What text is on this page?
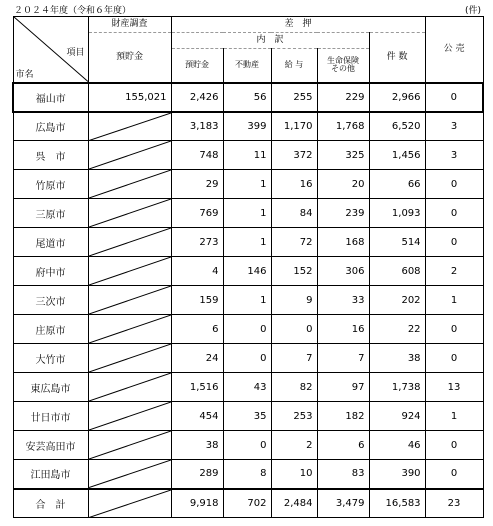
２０２４年度（令和６年度）	(件)
項目
市名	財産調査	差　押					公 売
	預貯金	内　訳				件 数	
		預貯金	不動産	給 与	生命保険
その他		

福山市	155,021	2,426	56	255	229	2,966	0
広島市		3,183	399	1,170	1,768	6,520	3
呉　市		748	11	372	325	1,456	3
竹原市		29	1	16	20	66	0
三原市		769	1	84	239	1,093	0
尾道市		273	1	72	168	514	0
府中市		4	146	152	306	608	2
三次市		159	1	9	33	202	1
庄原市		6	0	0	16	22	0
大竹市		24	0	7	7	38	0
東広島市		1,516	43	82	97	1,738	13
廿日市市		454	35	253	182	924	1
安芸高田市		38	0	2	6	46	0
江田島市		289	8	10	83	390	0
合　計		9,918	702	2,484	3,479	16,583	23
